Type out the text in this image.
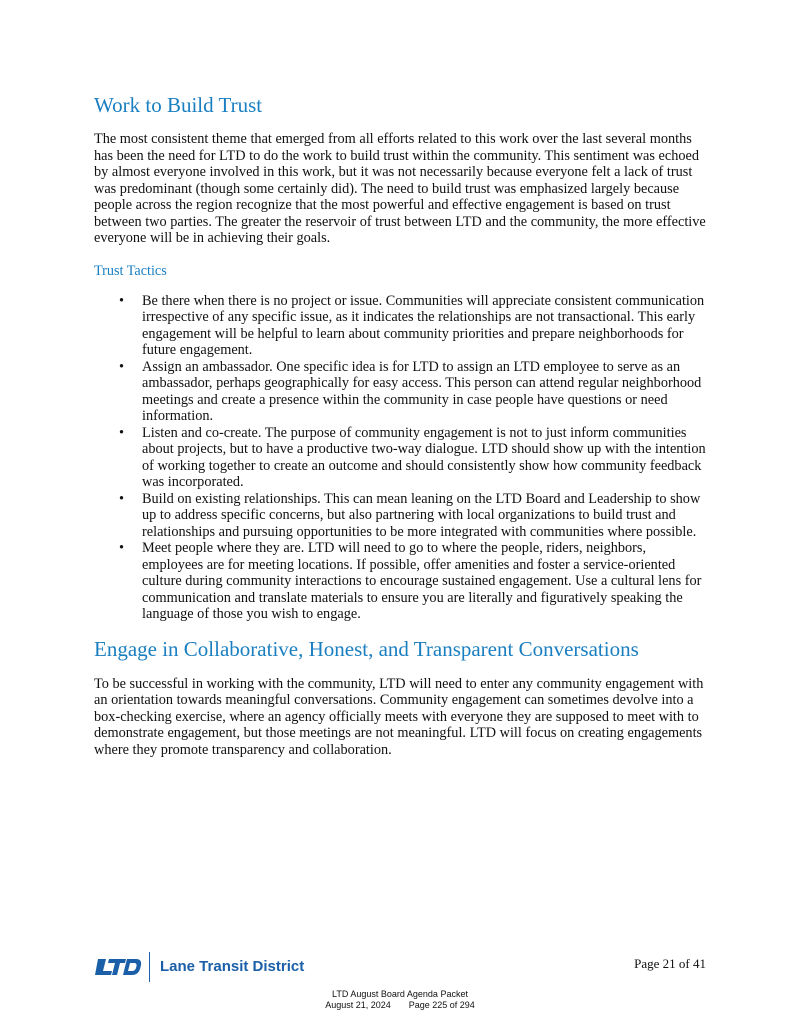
Work to Build Trust

The most consistent theme that emerged from all efforts related to this work over the last several months has been the need for LTD to do the work to build trust within the community. This sentiment was echoed by almost everyone involved in this work, but it was not necessarily because everyone felt a lack of trust was predominant (though some certainly did). The need to build trust was emphasized largely because people across the region recognize that the most powerful and effective engagement is based on trust between two parties. The greater the reservoir of trust between LTD and the community, the more effective everyone will be in achieving their goals.

Trust Tactics
• Be there when there is no project or issue. Communities will appreciate consistent communication irrespective of any specific issue, as it indicates the relationships are not transactional. This early engagement will be helpful to learn about community priorities and prepare neighborhoods for future engagement.
• Assign an ambassador. One specific idea is for LTD to assign an LTD employee to serve as an ambassador, perhaps geographically for easy access. This person can attend regular neighborhood meetings and create a presence within the community in case people have questions or need information.
• Listen and co-create. The purpose of community engagement is not to just inform communities about projects, but to have a productive two-way dialogue. LTD should show up with the intention of working together to create an outcome and should consistently show how community feedback was incorporated.
• Build on existing relationships. This can mean leaning on the LTD Board and Leadership to show up to address specific concerns, but also partnering with local organizations to build trust and relationships and pursuing opportunities to be more integrated with communities where possible.
• Meet people where they are. LTD will need to go to where the people, riders, neighbors, employees are for meeting locations. If possible, offer amenities and foster a service-oriented culture during community interactions to encourage sustained engagement. Use a cultural lens for communication and translate materials to ensure you are literally and figuratively speaking the language of those you wish to engage.
Engage in Collaborative, Honest, and Transparent Conversations

To be successful in working with the community, LTD will need to enter any community engagement with an orientation towards meaningful conversations. Community engagement can sometimes devolve into a box-checking exercise, where an agency officially meets with everyone they are supposed to meet with to demonstrate engagement, but those meetings are not meaningful. LTD will focus on creating engagements where they promote transparency and collaboration.

LTD
Lane Transit District	Page 21 of 41
LTD August Board Agenda Packet
August 21, 2024 Page 225 of 294
